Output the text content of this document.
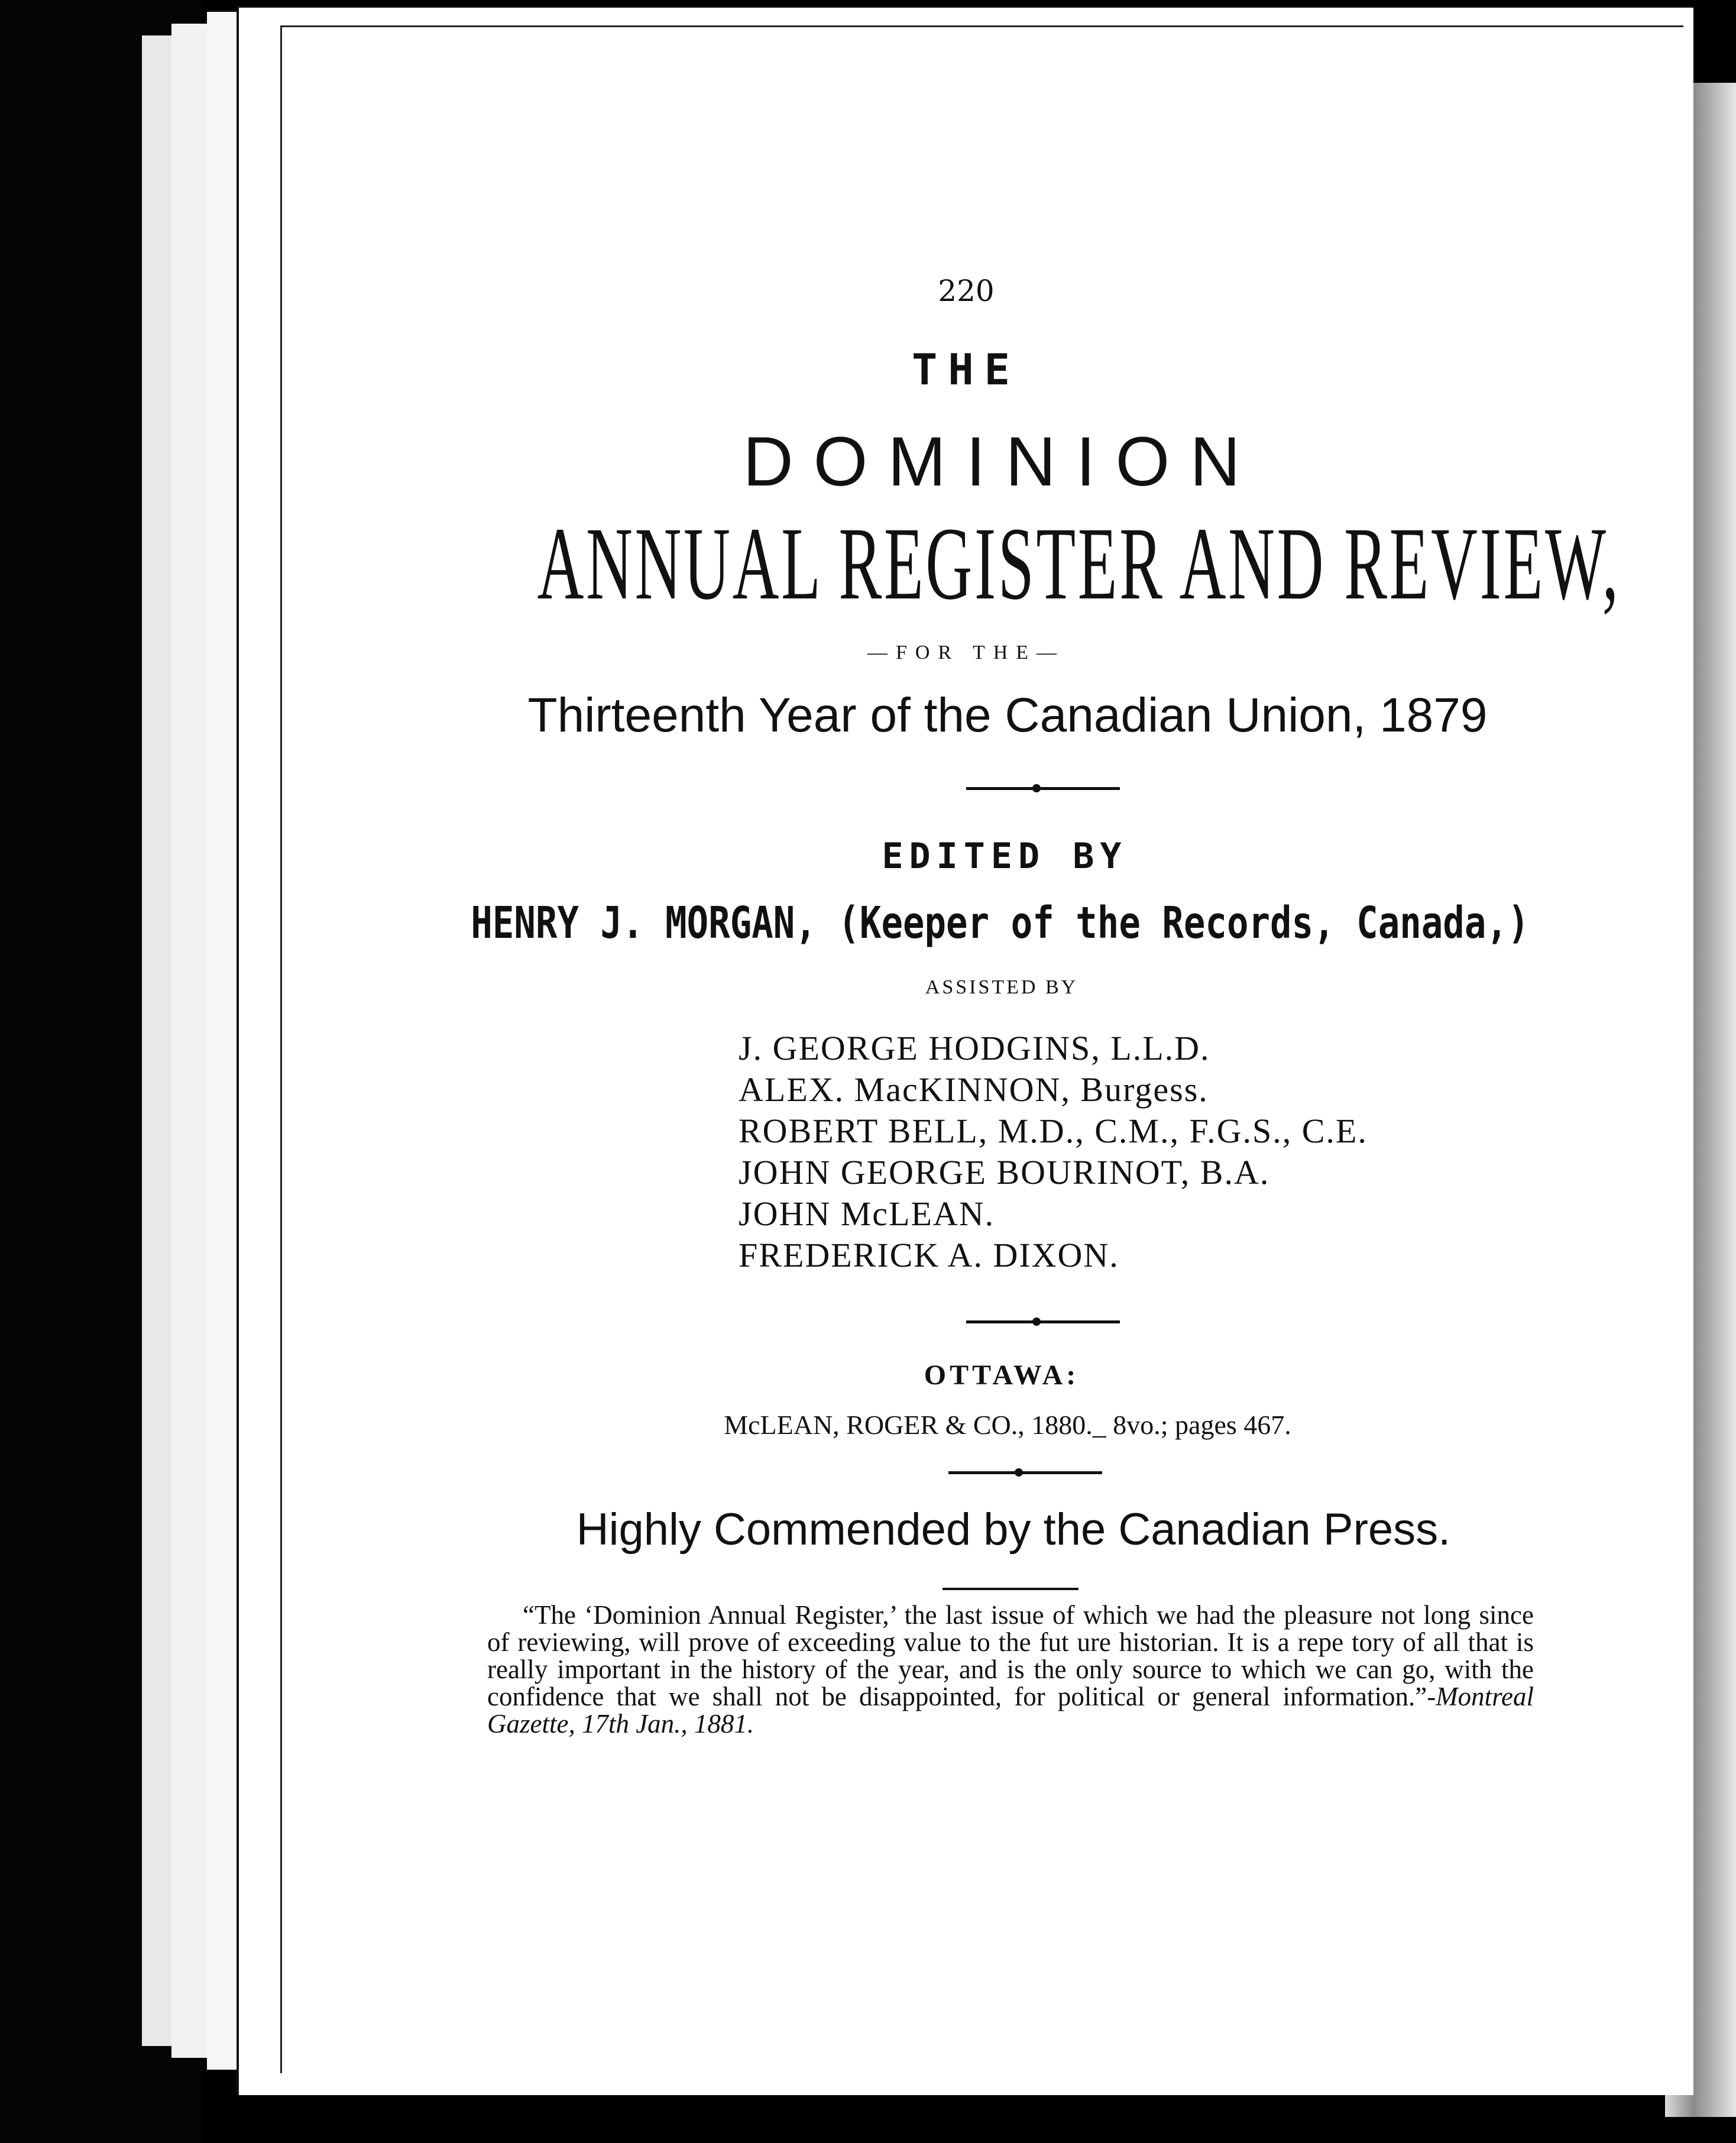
220
THE
DOMINION
ANNUAL REGISTER AND REVIEW,
—FOR THE—
Thirteenth Year of the Canadian Union, 1879
EDITED BY
HENRY J. MORGAN, (Keeper of the Records, Canada,)
ASSISTED BY
J. GEORGE HODGINS, L.L.D.
ALEX. MacKINNON, Burgess.
ROBERT BELL, M.D., C.M., F.G.S., C.E.
JOHN GEORGE BOURINOT, B.A.
JOHN McLEAN.
FREDERICK A. DIXON.
OTTAWA:
McLEAN, ROGER & CO., 1880._ 8vo.; pages 467.
Highly Commended by the Canadian Press.
“The ‘Dominion Annual Register,’ the last issue of which we had the pleasure not long since of reviewing, will prove of exceeding value to the fut ure historian. It is a repe tory of all that is really important in the history of the year, and is the only source to which we can go, with the confidence that we shall not be disappointed, for political or general information.”-Montreal Gazette, 17th Jan., 1881.
